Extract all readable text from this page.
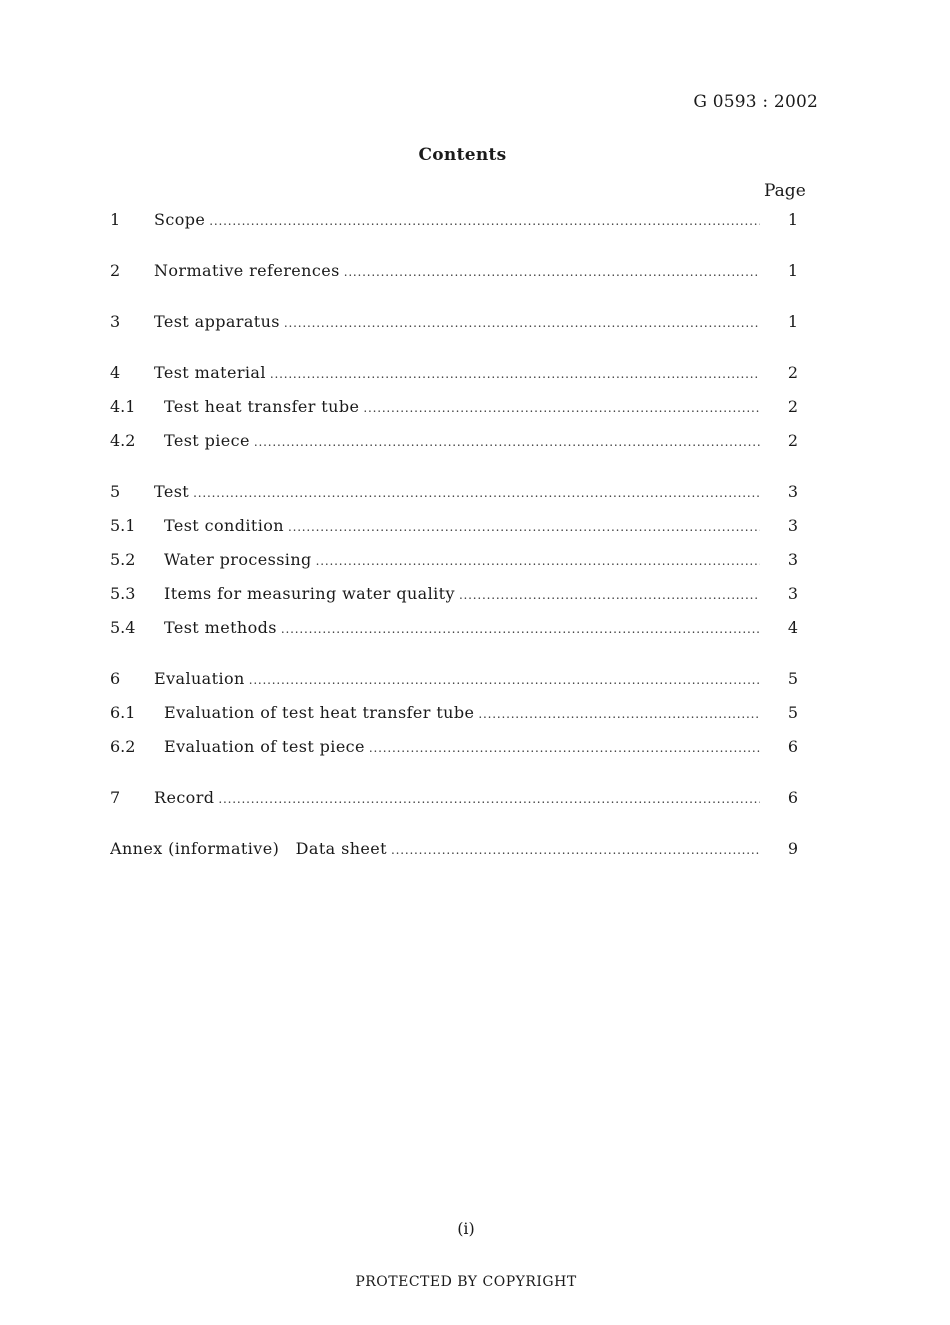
G 0593 : 2002
Contents
Page
1 Scope .....	1
2 Normative references .....	1
3 Test apparatus .....	1
4 Test material .....	2
4.1 Test heat transfer tube .....	2
4.2 Test piece .....	2
5 Test .....	3
5.1 Test condition .....	3
5.2 Water processing .....	3
5.3 Items for measuring water quality .....	3
5.4 Test methods .....	4
6 Evaluation .....	5
6.1 Evaluation of test heat transfer tube .....	5
6.2 Evaluation of test piece .....	6
7 Record .....	6
Annex (informative)   Data sheet .....	9
(i)
PROTECTED BY COPYRIGHT
